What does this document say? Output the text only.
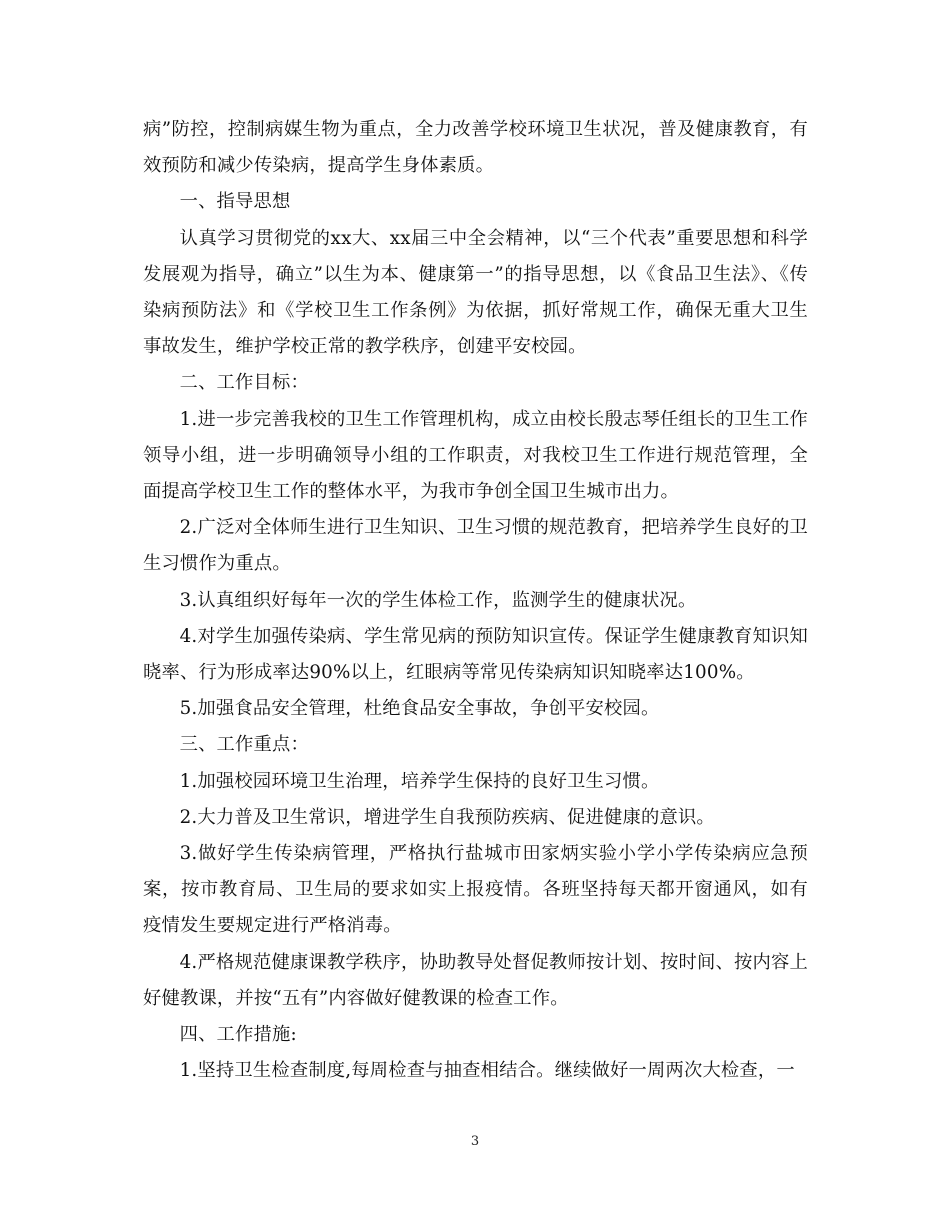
病”防控，控制病媒生物为重点，全力改善学校环境卫生状况，普及健康教育，有效预防和减少传染病，提高学生身体素质。

一、指导思想

认真学习贯彻党的xx大、xx届三中全会精神，以“三个代表”重要思想和科学发展观为指导，确立”以生为本、健康第一”的指导思想，以《食品卫生法》、《传染病预防法》和《学校卫生工作条例》为依据，抓好常规工作，确保无重大卫生事故发生，维护学校正常的教学秩序，创建平安校园。

二、工作目标：

1.进一步完善我校的卫生工作管理机构，成立由校长殷志琴任组长的卫生工作领导小组，进一步明确领导小组的工作职责，对我校卫生工作进行规范管理，全面提高学校卫生工作的整体水平，为我市争创全国卫生城市出力。

2.广泛对全体师生进行卫生知识、卫生习惯的规范教育，把培养学生良好的卫生习惯作为重点。

3.认真组织好每年一次的学生体检工作，监测学生的健康状况。

4.对学生加强传染病、学生常见病的预防知识宣传。保证学生健康教育知识知晓率、行为形成率达90%以上，红眼病等常见传染病知识知晓率达100%。

5.加强食品安全管理，杜绝食品安全事故，争创平安校园。

三、工作重点：

1.加强校园环境卫生治理，培养学生保持的良好卫生习惯。

2.大力普及卫生常识，增进学生自我预防疾病、促进健康的意识。

3.做好学生传染病管理，严格执行盐城市田家炳实验小学小学传染病应急预案，按市教育局、卫生局的要求如实上报疫情。各班坚持每天都开窗通风，如有疫情发生要规定进行严格消毒。

4.严格规范健康课教学秩序，协助教导处督促教师按计划、按时间、按内容上好健教课，并按“五有”内容做好健教课的检查工作。

四、工作措施:

1.坚持卫生检查制度,每周检查与抽查相结合。继续做好一周两次大检查，一

3
